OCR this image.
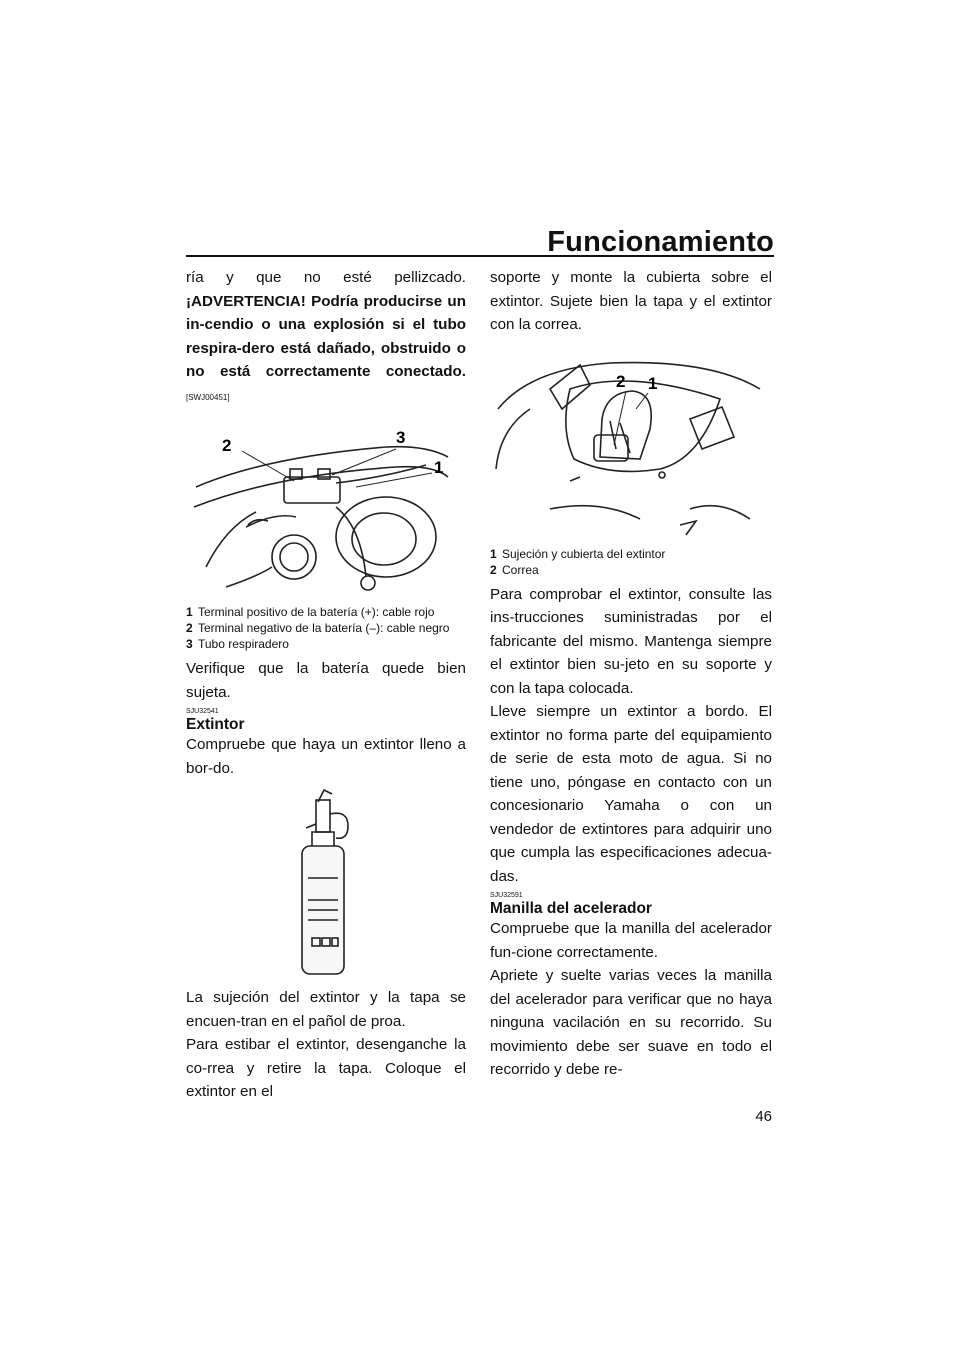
Funcionamiento

ría y que no esté pellizcado.

¡ADVERTENCIA! Podría producirse un in-cendio o una explosión si el tubo respira-dero está dañado, obstruido o no está correctamente conectado. [SWJ00451]

2	3
1
1 Terminal positivo de la batería (+): cable rojo
2 Terminal negativo de la batería (–): cable negro
3 Tubo respiradero

Verifique que la batería quede bien sujeta.

SJU32541
Extintor

Compruebe que haya un extintor lleno a bor-do.

La sujeción del extintor y la tapa se encuen-tran en el pañol de proa.

Para estibar el extintor, desenganche la co-rrea y retire la tapa. Coloque el extintor en el

soporte y monte la cubierta sobre el extintor. Sujete bien la tapa y el extintor con la correa.

2 1
1 Sujeción y cubierta del extintor
2 Correa

Para comprobar el extintor, consulte las ins-trucciones suministradas por el fabricante del mismo. Mantenga siempre el extintor bien su-jeto en su soporte y con la tapa colocada.

Lleve siempre un extintor a bordo. El extintor no forma parte del equipamiento de serie de esta moto de agua. Si no tiene uno, póngase en contacto con un concesionario Yamaha o con un vendedor de extintores para adquirir uno que cumpla las especificaciones adecua-das.

SJU32591
Manilla del acelerador

Compruebe que la manilla del acelerador fun-cione correctamente.

Apriete y suelte varias veces la manilla del acelerador para verificar que no haya ninguna vacilación en su recorrido. Su movimiento debe ser suave en todo el recorrido y debe re-

46
